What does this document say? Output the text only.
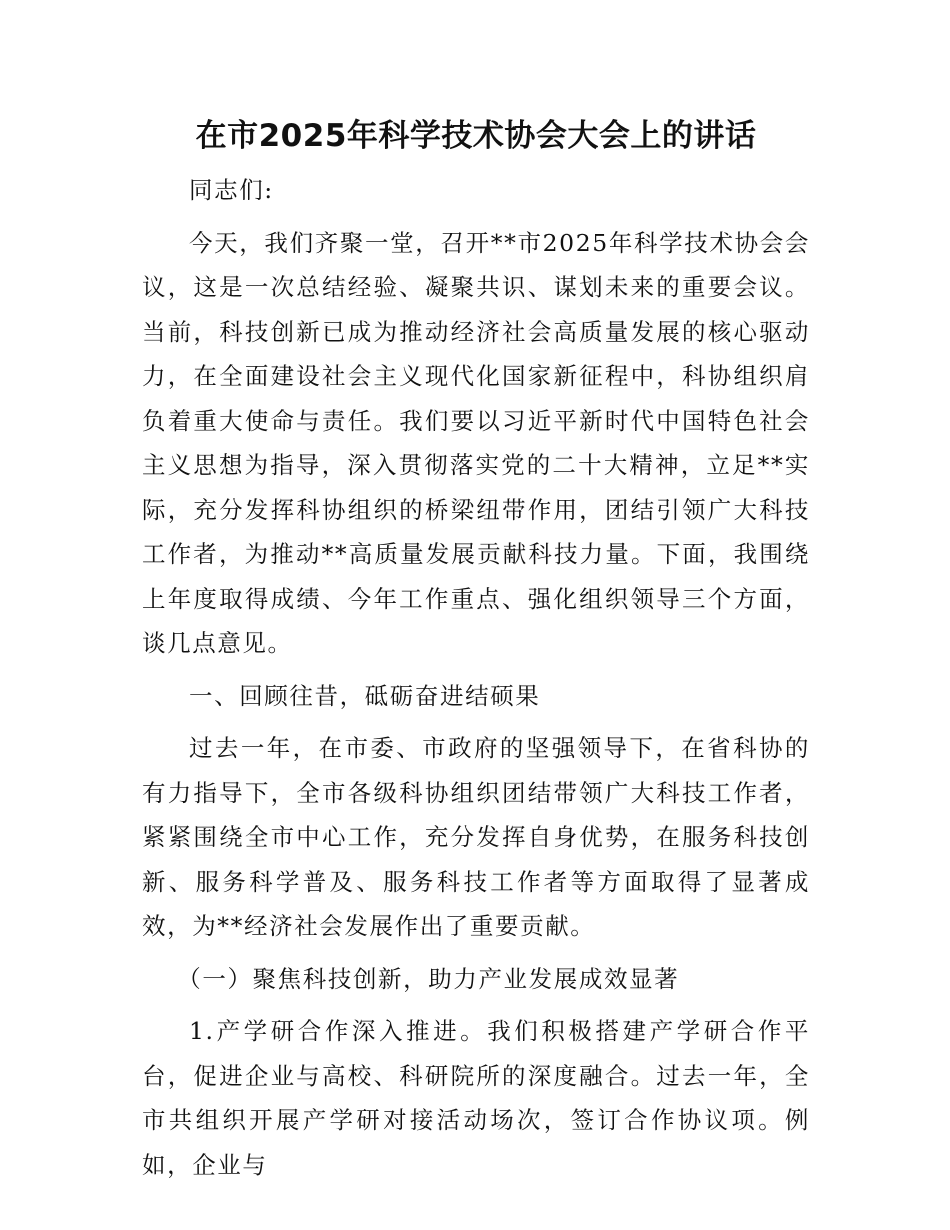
在市2025年科学技术协会大会上的讲话
同志们:
今天，我们齐聚一堂，召开**市2025年科学技术协会会议，这是一次总结经验、凝聚共识、谋划未来的重要会议。当前，科技创新已成为推动经济社会高质量发展的核心驱动力，在全面建设社会主义现代化国家新征程中，科协组织肩负着重大使命与责任。我们要以习近平新时代中国特色社会主义思想为指导，深入贯彻落实党的二十大精神，立足**实际，充分发挥科协组织的桥梁纽带作用，团结引领广大科技工作者，为推动**高质量发展贡献科技力量。下面，我围绕上年度取得成绩、今年工作重点、强化组织领导三个方面，谈几点意见。
一、回顾往昔，砥砺奋进结硕果
过去一年，在市委、市政府的坚强领导下，在省科协的有力指导下，全市各级科协组织团结带领广大科技工作者，紧紧围绕全市中心工作，充分发挥自身优势，在服务科技创新、服务科学普及、服务科技工作者等方面取得了显著成效，为**经济社会发展作出了重要贡献。
（一）聚焦科技创新，助力产业发展成效显著
1.产学研合作深入推进。我们积极搭建产学研合作平台，促进企业与高校、科研院所的深度融合。过去一年，全市共组织开展产学研对接活动场次，签订合作协议项。例如，企业与
